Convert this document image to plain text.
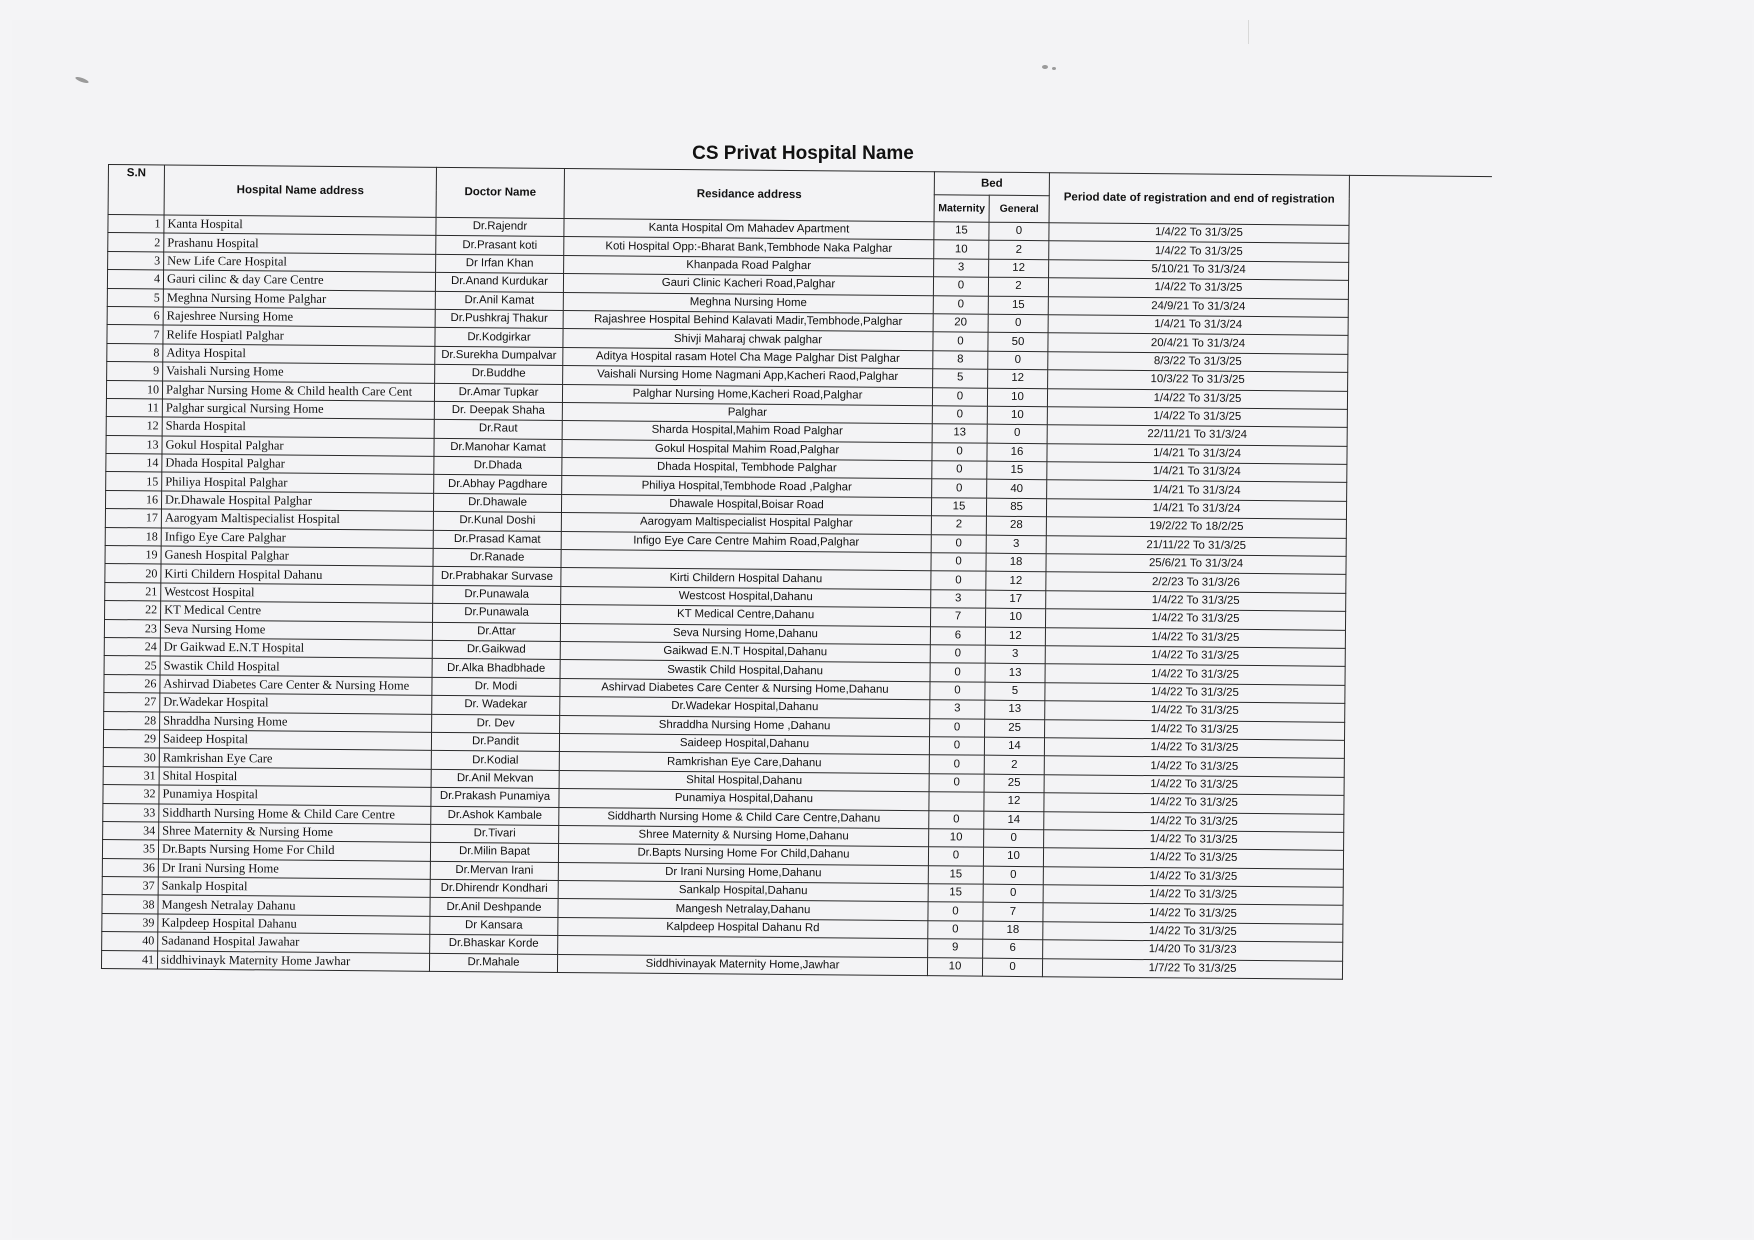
CS Privat Hospital Name
S.N	Hospital Name address	Doctor Name	Residance address	Bed		Period date of registration and end of registration	
				Maternity	General		
1	Kanta Hospital	Dr.Rajendr	Kanta Hospital Om Mahadev Apartment	15	0	1/4/22 To 31/3/25	
2	Prashanu Hospital	Dr.Prasant koti	Koti Hospital Opp:-Bharat Bank,Tembhode Naka Palghar	10	2	1/4/22 To 31/3/25	
3	New Life Care Hospital	Dr Irfan Khan	Khanpada Road Palghar	3	12	5/10/21 To 31/3/24	
4	Gauri cilinc & day Care Centre	Dr.Anand Kurdukar	Gauri Clinic Kacheri Road,Palghar	0	2	1/4/22 To 31/3/25	
5	Meghna Nursing Home Palghar	Dr.Anil Kamat	Meghna Nursing Home	0	15	24/9/21 To 31/3/24	
6	Rajeshree Nursing Home	Dr.Pushkraj Thakur	Rajashree Hospital Behind Kalavati Madir,Tembhode,Palghar	20	0	1/4/21 To 31/3/24	
7	Relife Hospiatl Palghar	Dr.Kodgirkar	Shivji Maharaj chwak palghar	0	50	20/4/21 To 31/3/24	
8	Aditya Hospital	Dr.Surekha Dumpalvar	Aditya Hospital rasam Hotel Cha Mage Palghar Dist Palghar	8	0	8/3/22 To 31/3/25	
9	Vaishali Nursing Home	Dr.Buddhe	Vaishali Nursing Home Nagmani App,Kacheri Raod,Palghar	5	12	10/3/22 To 31/3/25	
10	Palghar Nursing Home & Child health Care Cent	Dr.Amar Tupkar	Palghar Nursing Home,Kacheri Road,Palghar	0	10	1/4/22 To 31/3/25	
11	Palghar surgical Nursing Home	Dr. Deepak Shaha	Palghar	0	10	1/4/22 To 31/3/25	
12	Sharda Hospital	Dr.Raut	Sharda Hospital,Mahim Road Palghar	13	0	22/11/21 To 31/3/24	
13	Gokul Hospital Palghar	Dr.Manohar Kamat	Gokul Hospital Mahim Road,Palghar	0	16	1/4/21 To 31/3/24	
14	Dhada Hospital Palghar	Dr.Dhada	Dhada Hospital, Tembhode Palghar	0	15	1/4/21 To 31/3/24	
15	Philiya Hospital Palghar	Dr.Abhay Pagdhare	Philiya Hospital,Tembhode Road ,Palghar	0	40	1/4/21 To 31/3/24	
16	Dr.Dhawale Hospital Palghar	Dr.Dhawale	Dhawale Hospital,Boisar Road	15	85	1/4/21 To 31/3/24	
17	Aarogyam Maltispecialist Hospital	Dr.Kunal Doshi	Aarogyam Maltispecialist Hospital Palghar	2	28	19/2/22 To 18/2/25	
18	Infigo Eye Care Palghar	Dr.Prasad Kamat	Infigo Eye Care Centre Mahim Road,Palghar	0	3	21/11/22 To 31/3/25	
19	Ganesh Hospital Palghar	Dr.Ranade		0	18	25/6/21 To 31/3/24	
20	Kirti Childern Hospital Dahanu	Dr.Prabhakar Survase	Kirti Childern Hospital Dahanu	0	12	2/2/23 To 31/3/26	
21	Westcost Hospital	Dr.Punawala	Westcost Hospital,Dahanu	3	17	1/4/22 To 31/3/25	
22	KT Medical Centre	Dr.Punawala	KT Medical Centre,Dahanu	7	10	1/4/22 To 31/3/25	
23	Seva Nursing Home	Dr.Attar	Seva Nursing Home,Dahanu	6	12	1/4/22 To 31/3/25	
24	Dr Gaikwad E.N.T Hospital	Dr.Gaikwad	Gaikwad E.N.T Hospital,Dahanu	0	3	1/4/22 To 31/3/25	
25	Swastik Child Hospital	Dr.Alka Bhadbhade	Swastik Child Hospital,Dahanu	0	13	1/4/22 To 31/3/25	
26	Ashirvad Diabetes Care Center & Nursing Home	Dr. Modi	Ashirvad Diabetes Care Center & Nursing Home,Dahanu	0	5	1/4/22 To 31/3/25	
27	Dr.Wadekar Hospital	Dr. Wadekar	Dr.Wadekar Hospital,Dahanu	3	13	1/4/22 To 31/3/25	
28	Shraddha Nursing Home	Dr. Dev	Shraddha Nursing Home ,Dahanu	0	25	1/4/22 To 31/3/25	
29	Saideep Hospital	Dr.Pandit	Saideep Hospital,Dahanu	0	14	1/4/22 To 31/3/25	
30	Ramkrishan Eye Care	Dr.Kodial	Ramkrishan Eye Care,Dahanu	0	2	1/4/22 To 31/3/25	
31	Shital Hospital	Dr.Anil Mekvan	Shital Hospital,Dahanu	0	25	1/4/22 To 31/3/25	
32	Punamiya Hospital	Dr.Prakash Punamiya	Punamiya Hospital,Dahanu		12	1/4/22 To 31/3/25	
33	Siddharth Nursing Home & Child Care Centre	Dr.Ashok Kambale	Siddharth Nursing Home & Child Care Centre,Dahanu	0	14	1/4/22 To 31/3/25	
34	Shree Maternity & Nursing Home	Dr.Tivari	Shree Maternity & Nursing Home,Dahanu	10	0	1/4/22 To 31/3/25	
35	Dr.Bapts Nursing Home For Child	Dr.Milin Bapat	Dr.Bapts Nursing Home For Child,Dahanu	0	10	1/4/22 To 31/3/25	
36	Dr Irani Nursing Home	Dr.Mervan Irani	Dr Irani Nursing Home,Dahanu	15	0	1/4/22 To 31/3/25	
37	Sankalp Hospital	Dr.Dhirendr Kondhari	Sankalp Hospital,Dahanu	15	0	1/4/22 To 31/3/25	
38	Mangesh Netralay Dahanu	Dr.Anil Deshpande	Mangesh Netralay,Dahanu	0	7	1/4/22 To 31/3/25	
39	Kalpdeep Hospital Dahanu	Dr Kansara	Kalpdeep Hospital Dahanu Rd	0	18	1/4/22 To 31/3/25	
40	Sadanand Hospital Jawahar	Dr.Bhaskar Korde		9	6	1/4/20 To 31/3/23	
41	siddhivinayk Maternity Home Jawhar	Dr.Mahale	Siddhivinayak Maternity Home,Jawhar	10	0	1/7/22 To 31/3/25	
